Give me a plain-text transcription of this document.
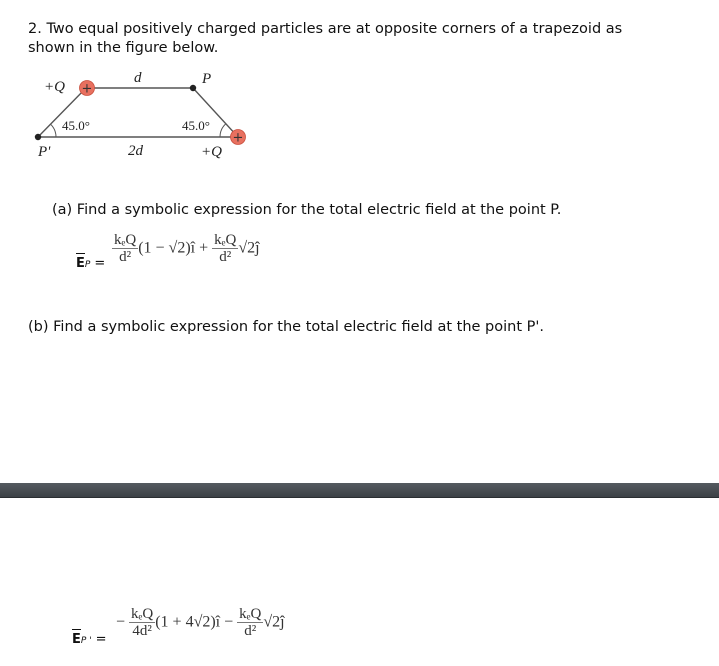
2. Two equal positively charged particles are at opposite corners of a trapezoid as shown in the figure below.
+
+
+Q
d	P
45.0°	45.0°
P'	2d	+Q
(a) Find a symbolic expression for the total electric field at the point P.
EP = $\frac{\text{kₑQ}}{\text{d²}} (1$ − √2)î + $\frac{\text{kₑQ}}{\text{d²}}$ √2ĵ
(b) Find a symbolic expression for the total electric field at the point P'.
EP ' =
− $\frac{\text{kₑQ}}{\text{4d²}} (1$ + 4√2)î − $\frac{\text{kₑQ}}{\text{d²}}$ √2ĵ
